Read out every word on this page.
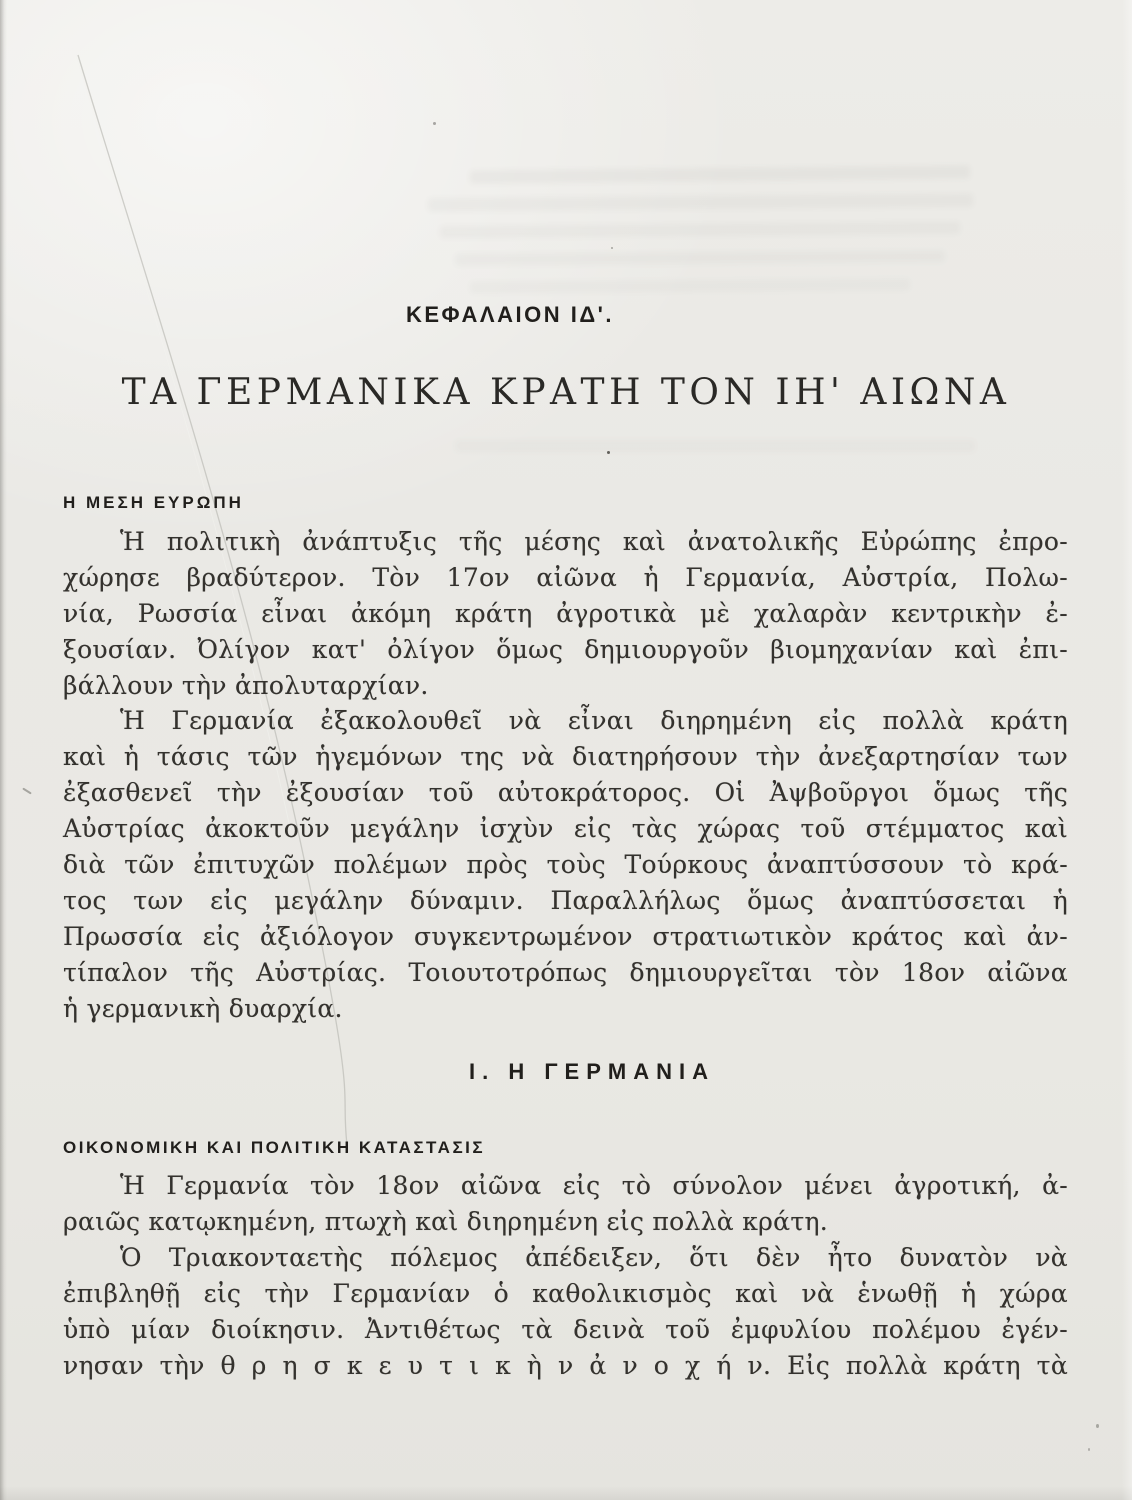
ΚΕΦΑΛΑΙΟΝ ΙΔ'.
ΤΑ ΓΕΡΜΑΝΙΚΑ ΚΡΑΤΗ ΤΟΝ ΙΗ' ΑΙΩΝΑ
Η ΜΕΣΗ ΕΥΡΩΠΗ
Ἡ πολιτικὴ ἀνάπτυξις τῆς μέσης καὶ ἀνατολικῆς Εὐρώπης ἐπρο-
χώρησε βραδύτερον. Τὸν 17ον αἰῶνα ἡ Γερμανία, Αὐστρία, Πολω-
νία, Ρωσσία εἶναι ἀκόμη κράτη ἀγροτικὰ μὲ χαλαρὰν κεντρικὴν ἐ-
ξουσίαν. Ὀλίγον κατ' ὀλίγον ὅμως δημιουργοῦν βιομηχανίαν καὶ ἐπι-
βάλλουν τὴν ἀπολυταρχίαν.
Ἡ Γερμανία ἐξακολουθεῖ νὰ εἶναι διηρημένη εἰς πολλὰ κράτη
καὶ ἡ τάσις τῶν ἡγεμόνων της νὰ διατηρήσουν τὴν ἀνεξαρτησίαν των
ἐξασθενεῖ τὴν ἐξουσίαν τοῦ αὐτοκράτορος. Οἱ Ἀψβοῦργοι ὅμως τῆς
Αὐστρίας ἀκοκτοῦν μεγάλην ἰσχὺν εἰς τὰς χώρας τοῦ στέμματος καὶ
διὰ τῶν ἐπιτυχῶν πολέμων πρὸς τοὺς Τούρκους ἀναπτύσσουν τὸ κρά-
τος των εἰς μεγάλην δύναμιν. Παραλλήλως ὅμως ἀναπτύσσεται ἡ
Πρωσσία εἰς ἀξιόλογον συγκεντρωμένον στρατιωτικὸν κράτος καὶ ἀν-
τίπαλον τῆς Αὐστρίας. Τοιουτοτρόπως δημιουργεῖται τὸν 18ον αἰῶνα
ἡ γερμανικὴ δυαρχία.
Ι. Η ΓΕΡΜΑΝΙΑ
ΟΙΚΟΝΟΜΙΚΗ ΚΑΙ ΠΟΛΙΤΙΚΗ ΚΑΤΑΣΤΑΣΙΣ
Ἡ Γερμανία τὸν 18ον αἰῶνα εἰς τὸ σύνολον μένει ἀγροτική, ἀ-
ραιῶς κατῳκημένη, πτωχὴ καὶ διηρημένη εἰς πολλὰ κράτη.
Ὁ Τριακονταετὴς πόλεμος ἀπέδειξεν, ὅτι δὲν ἦτο δυνατὸν νὰ
ἐπιβληθῇ εἰς τὴν Γερμανίαν ὁ καθολικισμὸς καὶ νὰ ἑνωθῇ ἡ χώρα
ὑπὸ μίαν διοίκησιν. Ἀντιθέτως τὰ δεινὰ τοῦ ἐμφυλίου πολέμου ἐγέν-
νησαν τὴν θ ρ η σ κ ε υ τ ι κ ὴ ν ἀ ν ο χ ή ν. Εἰς πολλὰ κράτη τὰ
